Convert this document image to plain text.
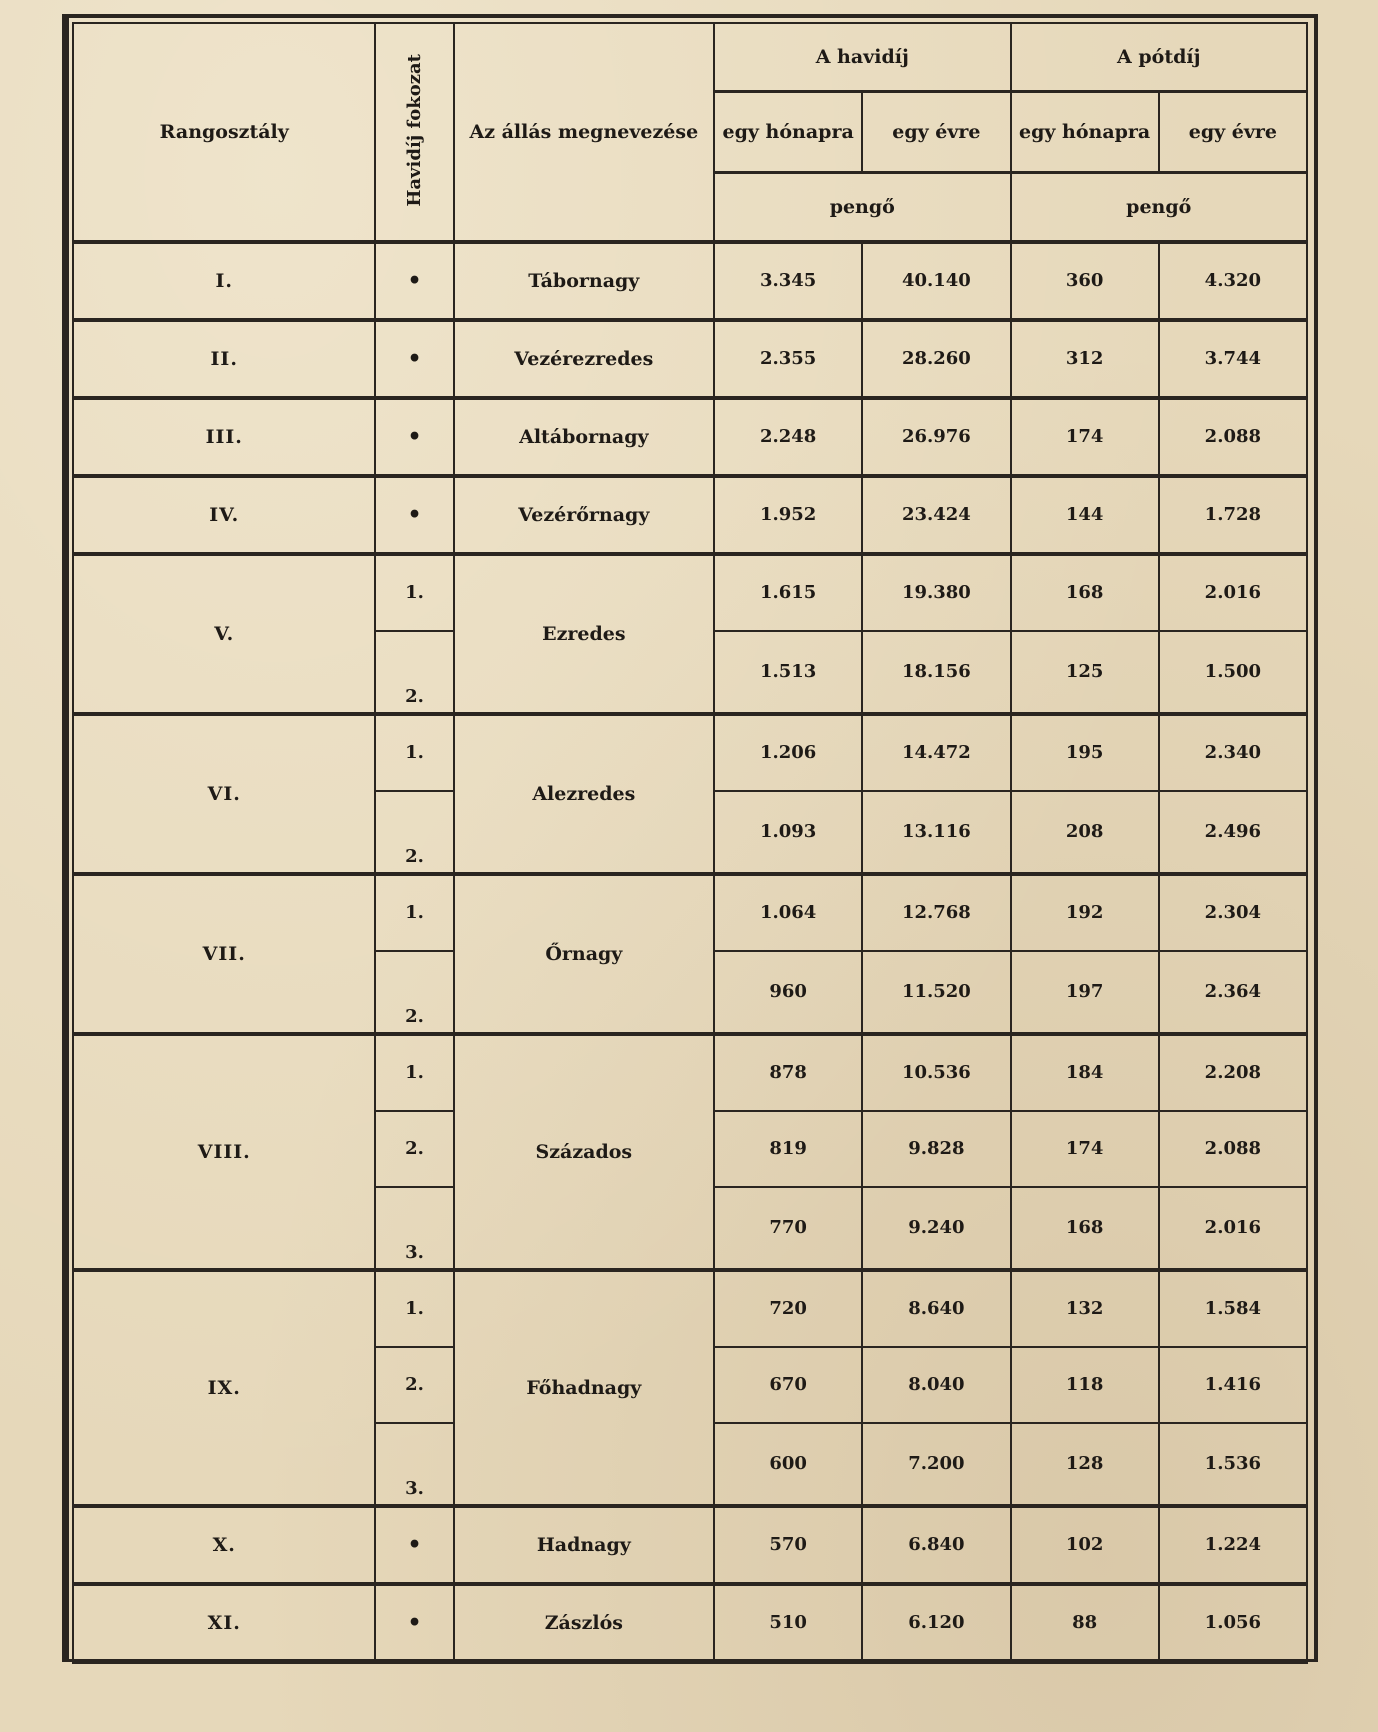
Rangosztály	Havidíj fokozat	Az állás megnevezése	A havidíj		A pótdíj	
			egy hónapra	egy évre	egy hónapra	egy évre
			pengő		pengő	
I.	•	Tábornagy	3.345	40.140	360	4.320
II.	•	Vezérezredes	2.355	28.260	312	3.744
III.	•	Altábornagy	2.248	26.976	174	2.088
IV.	•	Vezérőrnagy	1.952	23.424	144	1.728
V.	1.	Ezredes	1.615	19.380	168	2.016
	2.		1.513	18.156	125	1.500
VI.	1.	Alezredes	1.206	14.472	195	2.340
	2.		1.093	13.116	208	2.496
VII.	1.	Őrnagy	1.064	12.768	192	2.304
	2.		960	11.520	197	2.364
VIII.	1.	Százados	878	10.536	184	2.208
	2.		819	9.828	174	2.088
	3.		770	9.240	168	2.016
IX.	1.	Főhadnagy	720	8.640	132	1.584
	2.		670	8.040	118	1.416
	3.		600	7.200	128	1.536
X.	•	Hadnagy	570	6.840	102	1.224
XI.	•	Zászlós	510	6.120	88	1.056
